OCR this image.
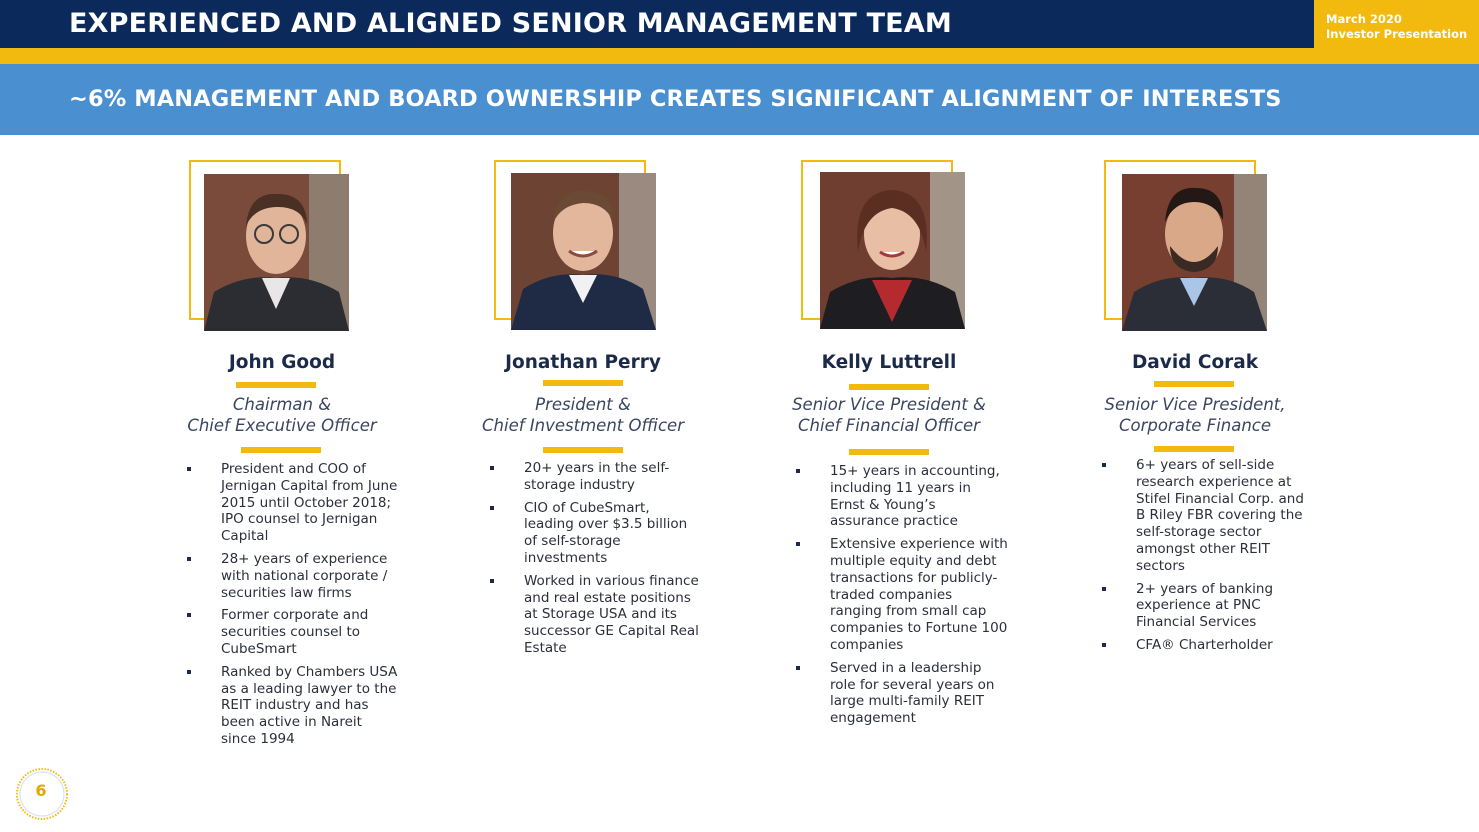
EXPERIENCED AND ALIGNED SENIOR MANAGEMENT TEAM	March 2020
Investor Presentation
~6% MANAGEMENT AND BOARD OWNERSHIP CREATES SIGNIFICANT ALIGNMENT OF INTERESTS
John Good
Chairman &
Chief Executive Officer
President and COO of Jernigan Capital from June 2015 until October 2018; IPO counsel to Jernigan Capital
28+ years of experience with national corporate / securities law firms
Former corporate and securities counsel to CubeSmart
Ranked by Chambers USA as a leading lawyer to the REIT industry and has been active in Nareit since 1994
Jonathan Perry
President &
Chief Investment Officer
20+ years in the self-storage industry
CIO of CubeSmart, leading over $3.5 billion of self-storage investments
Worked in various finance and real estate positions at Storage USA and its successor GE Capital Real Estate
Kelly Luttrell
Senior Vice President &
Chief Financial Officer
15+ years in accounting, including 11 years in Ernst & Young’s assurance practice
Extensive experience with multiple equity and debt transactions for publicly-traded companies ranging from small cap companies to Fortune 100 companies
Served in a leadership role for several years on large multi-family REIT engagement
David Corak
Senior Vice President,
Corporate Finance
6+ years of sell-side research experience at Stifel Financial Corp. and B Riley FBR covering the self-storage sector amongst other REIT sectors
2+ years of banking experience at PNC Financial Services
CFA® Charterholder
6
